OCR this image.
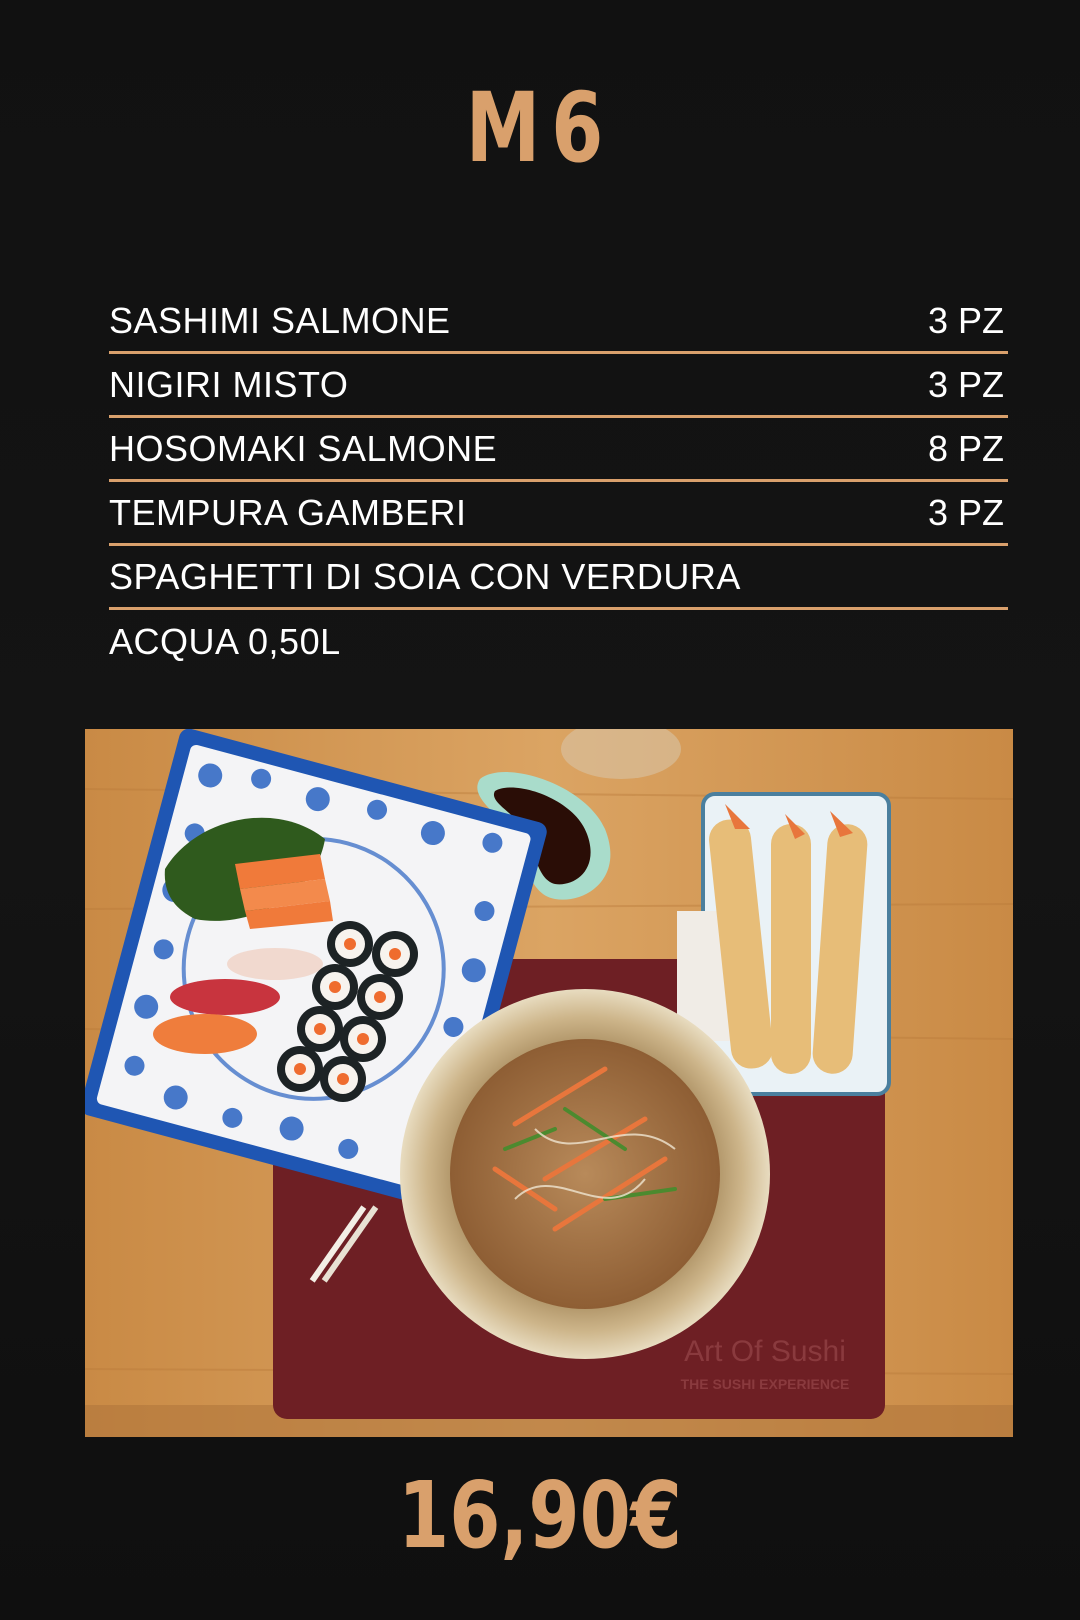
M6
SASHIMI SALMONE	3 PZ
NIGIRI MISTO	3 PZ
HOSOMAKI SALMONE	8 PZ
TEMPURA GAMBERI	3 PZ
SPAGHETTI DI SOIA CON VERDURA
ACQUA 0,50L
Art Of Sushi
THE SUSHI EXPERIENCE
16,90€
